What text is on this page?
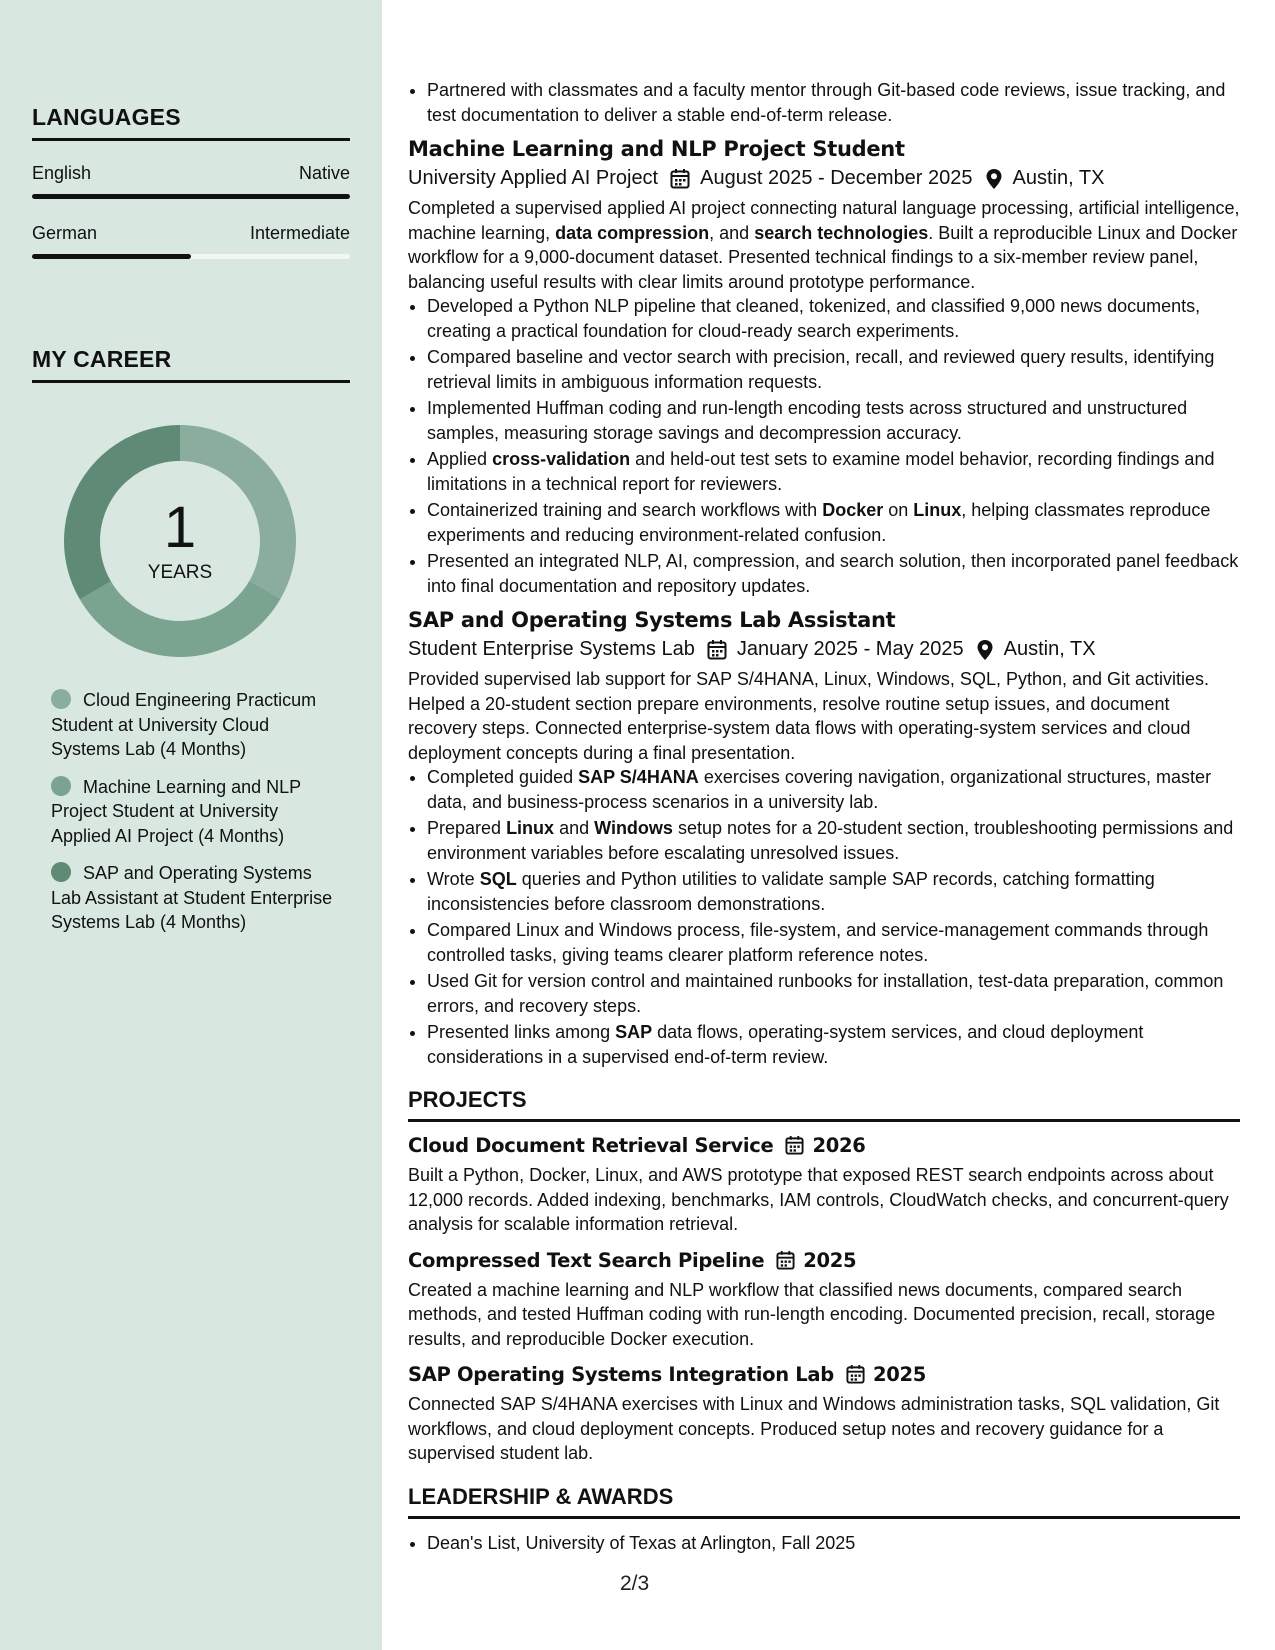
LANGUAGES
English	Native
German	Intermediate
MY CAREER
1
YEARS
Cloud Engineering Practicum Student at University Cloud Systems Lab (4 Months)
Machine Learning and NLP Project Student at University Applied AI Project (4 Months)
SAP and Operating Systems Lab Assistant at Student Enterprise Systems Lab (4 Months)
• Partnered with classmates and a faculty mentor through Git-based code reviews, issue tracking, and test documentation to deliver a stable end-of-term release.
Machine Learning and NLP Project Student
University Applied AI Project August 2025 - December 2025 Austin, TX
Completed a supervised applied AI project connecting natural language processing, artificial intelligence, machine learning, data compression, and search technologies. Built a reproducible Linux and Docker workflow for a 9,000-document dataset. Presented technical findings to a six-member review panel, balancing useful results with clear limits around prototype performance.
• Developed a Python NLP pipeline that cleaned, tokenized, and classified 9,000 news documents, creating a practical foundation for cloud-ready search experiments.
• Compared baseline and vector search with precision, recall, and reviewed query results, identifying retrieval limits in ambiguous information requests.
• Implemented Huffman coding and run-length encoding tests across structured and unstructured samples, measuring storage savings and decompression accuracy.
• Applied cross-validation and held-out test sets to examine model behavior, recording findings and limitations in a technical report for reviewers.
• Containerized training and search workflows with Docker on Linux, helping classmates reproduce experiments and reducing environment-related confusion.
• Presented an integrated NLP, AI, compression, and search solution, then incorporated panel feedback into final documentation and repository updates.
SAP and Operating Systems Lab Assistant
Student Enterprise Systems Lab January 2025 - May 2025 Austin, TX
Provided supervised lab support for SAP S/4HANA, Linux, Windows, SQL, Python, and Git activities. Helped a 20-student section prepare environments, resolve routine setup issues, and document recovery steps. Connected enterprise-system data flows with operating-system services and cloud deployment concepts during a final presentation.
• Completed guided SAP S/4HANA exercises covering navigation, organizational structures, master data, and business-process scenarios in a university lab.
• Prepared Linux and Windows setup notes for a 20-student section, troubleshooting permissions and environment variables before escalating unresolved issues.
• Wrote SQL queries and Python utilities to validate sample SAP records, catching formatting inconsistencies before classroom demonstrations.
• Compared Linux and Windows process, file-system, and service-management commands through controlled tasks, giving teams clearer platform reference notes.
• Used Git for version control and maintained runbooks for installation, test-data preparation, common errors, and recovery steps.
• Presented links among SAP data flows, operating-system services, and cloud deployment considerations in a supervised end-of-term review.
PROJECTS
Cloud Document Retrieval Service 2026
Built a Python, Docker, Linux, and AWS prototype that exposed REST search endpoints across about 12,000 records. Added indexing, benchmarks, IAM controls, CloudWatch checks, and concurrent-query analysis for scalable information retrieval.
Compressed Text Search Pipeline 2025
Created a machine learning and NLP workflow that classified news documents, compared search methods, and tested Huffman coding with run-length encoding. Documented precision, recall, storage results, and reproducible Docker execution.
SAP Operating Systems Integration Lab 2025
Connected SAP S/4HANA exercises with Linux and Windows administration tasks, SQL validation, Git workflows, and cloud deployment concepts. Produced setup notes and recovery guidance for a supervised student lab.
LEADERSHIP & AWARDS
• Dean's List, University of Texas at Arlington, Fall 2025
2/3
